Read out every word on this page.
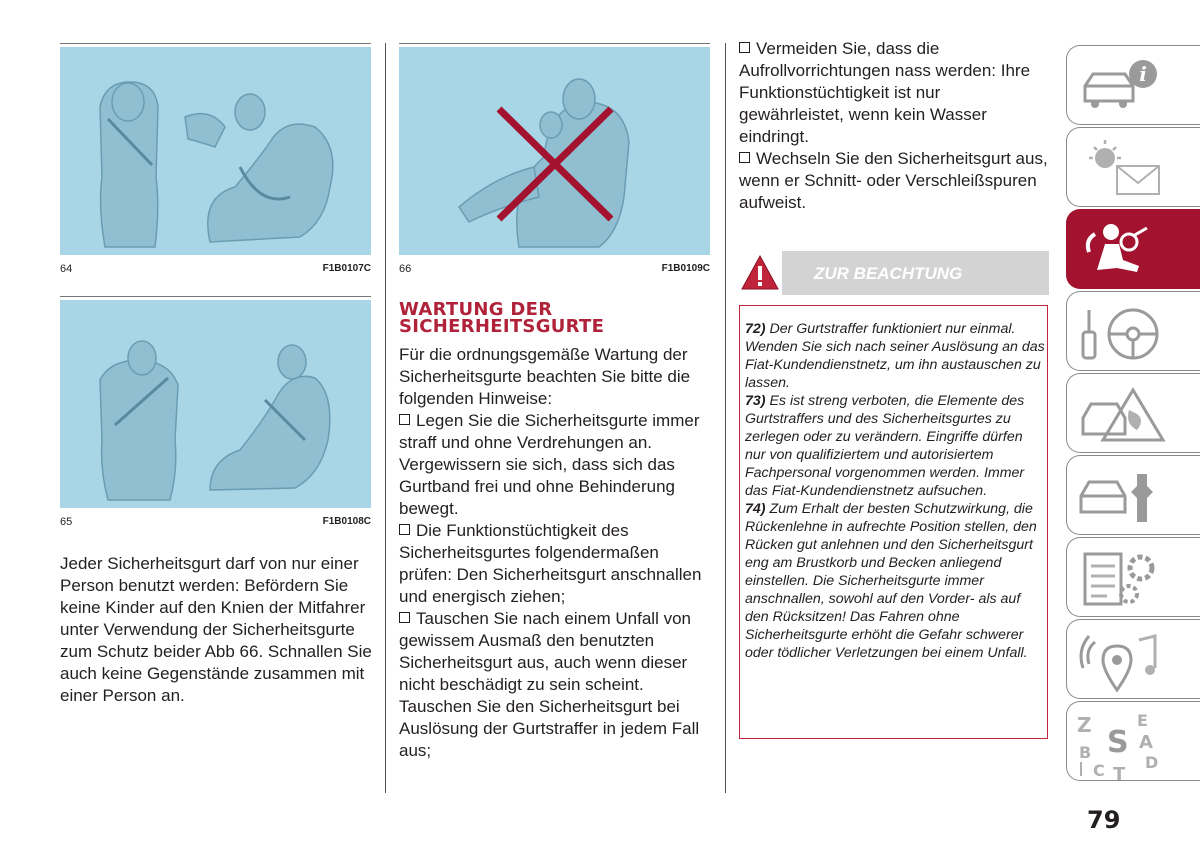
64	F1B0107C
65	F1B0108C
66	F1B0109C

Jeder Sicherheitsgurt darf von nur einer Person benutzt werden: Befördern Sie keine Kinder auf den Knien der Mitfahrer unter Verwendung der Sicherheitsgurte zum Schutz beider Abb 66. Schnallen Sie auch keine Gegenstände zusammen mit einer Person an.

WARTUNG DER
SICHERHEITSGURTE

Für die ordnungsgemäße Wartung der Sicherheitsgurte beachten Sie bitte die folgenden Hinweise:

Legen Sie die Sicherheitsgurte immer straff und ohne Verdrehungen an. Vergewissern sie sich, dass sich das Gurtband frei und ohne Behinderung bewegt.

Die Funktionstüchtigkeit des Sicherheitsgurtes folgendermaßen prüfen: Den Sicherheitsgurt anschnallen und energisch ziehen;

Tauschen Sie nach einem Unfall von gewissem Ausmaß den benutzten Sicherheitsgurt aus, auch wenn dieser nicht beschädigt zu sein scheint. Tauschen Sie den Sicherheitsgurt bei Auslösung der Gurtstraffer in jedem Fall aus;

Vermeiden Sie, dass die Aufrollvorrichtungen nass werden: Ihre Funktionstüchtigkeit ist nur gewährleistet, wenn kein Wasser eindringt.

Wechseln Sie den Sicherheitsgurt aus, wenn er Schnitt- oder Verschleißspuren aufweist.

ZUR BEACHTUNG

72) Der Gurtstraffer funktioniert nur einmal. Wenden Sie sich nach seiner Auslösung an das Fiat-Kundendienstnetz, um ihn austauschen zu lassen.

73) Es ist streng verboten, die Elemente des Gurtstraffers und des Sicherheitsgurtes zu zerlegen oder zu verändern. Eingriffe dürfen nur von qualifiziertem und autorisiertem Fachpersonal vorgenommen werden. Immer das Fiat-Kundendienstnetz aufsuchen.

74) Zum Erhalt der besten Schutzwirkung, die Rückenlehne in aufrechte Position stellen, den Rücken gut anlehnen und den Sicherheitsgurt eng am Brustkorb und Becken anliegend einstellen. Die Sicherheitsgurte immer anschnallen, sowohl auf den Vorder- als auf den Rücksitzen! Das Fahren ohne Sicherheitsgurte erhöht die Gefahr schwerer oder tödlicher Verletzungen bei einem Unfall.

i
Z	E
S A
B
C T
D
79
